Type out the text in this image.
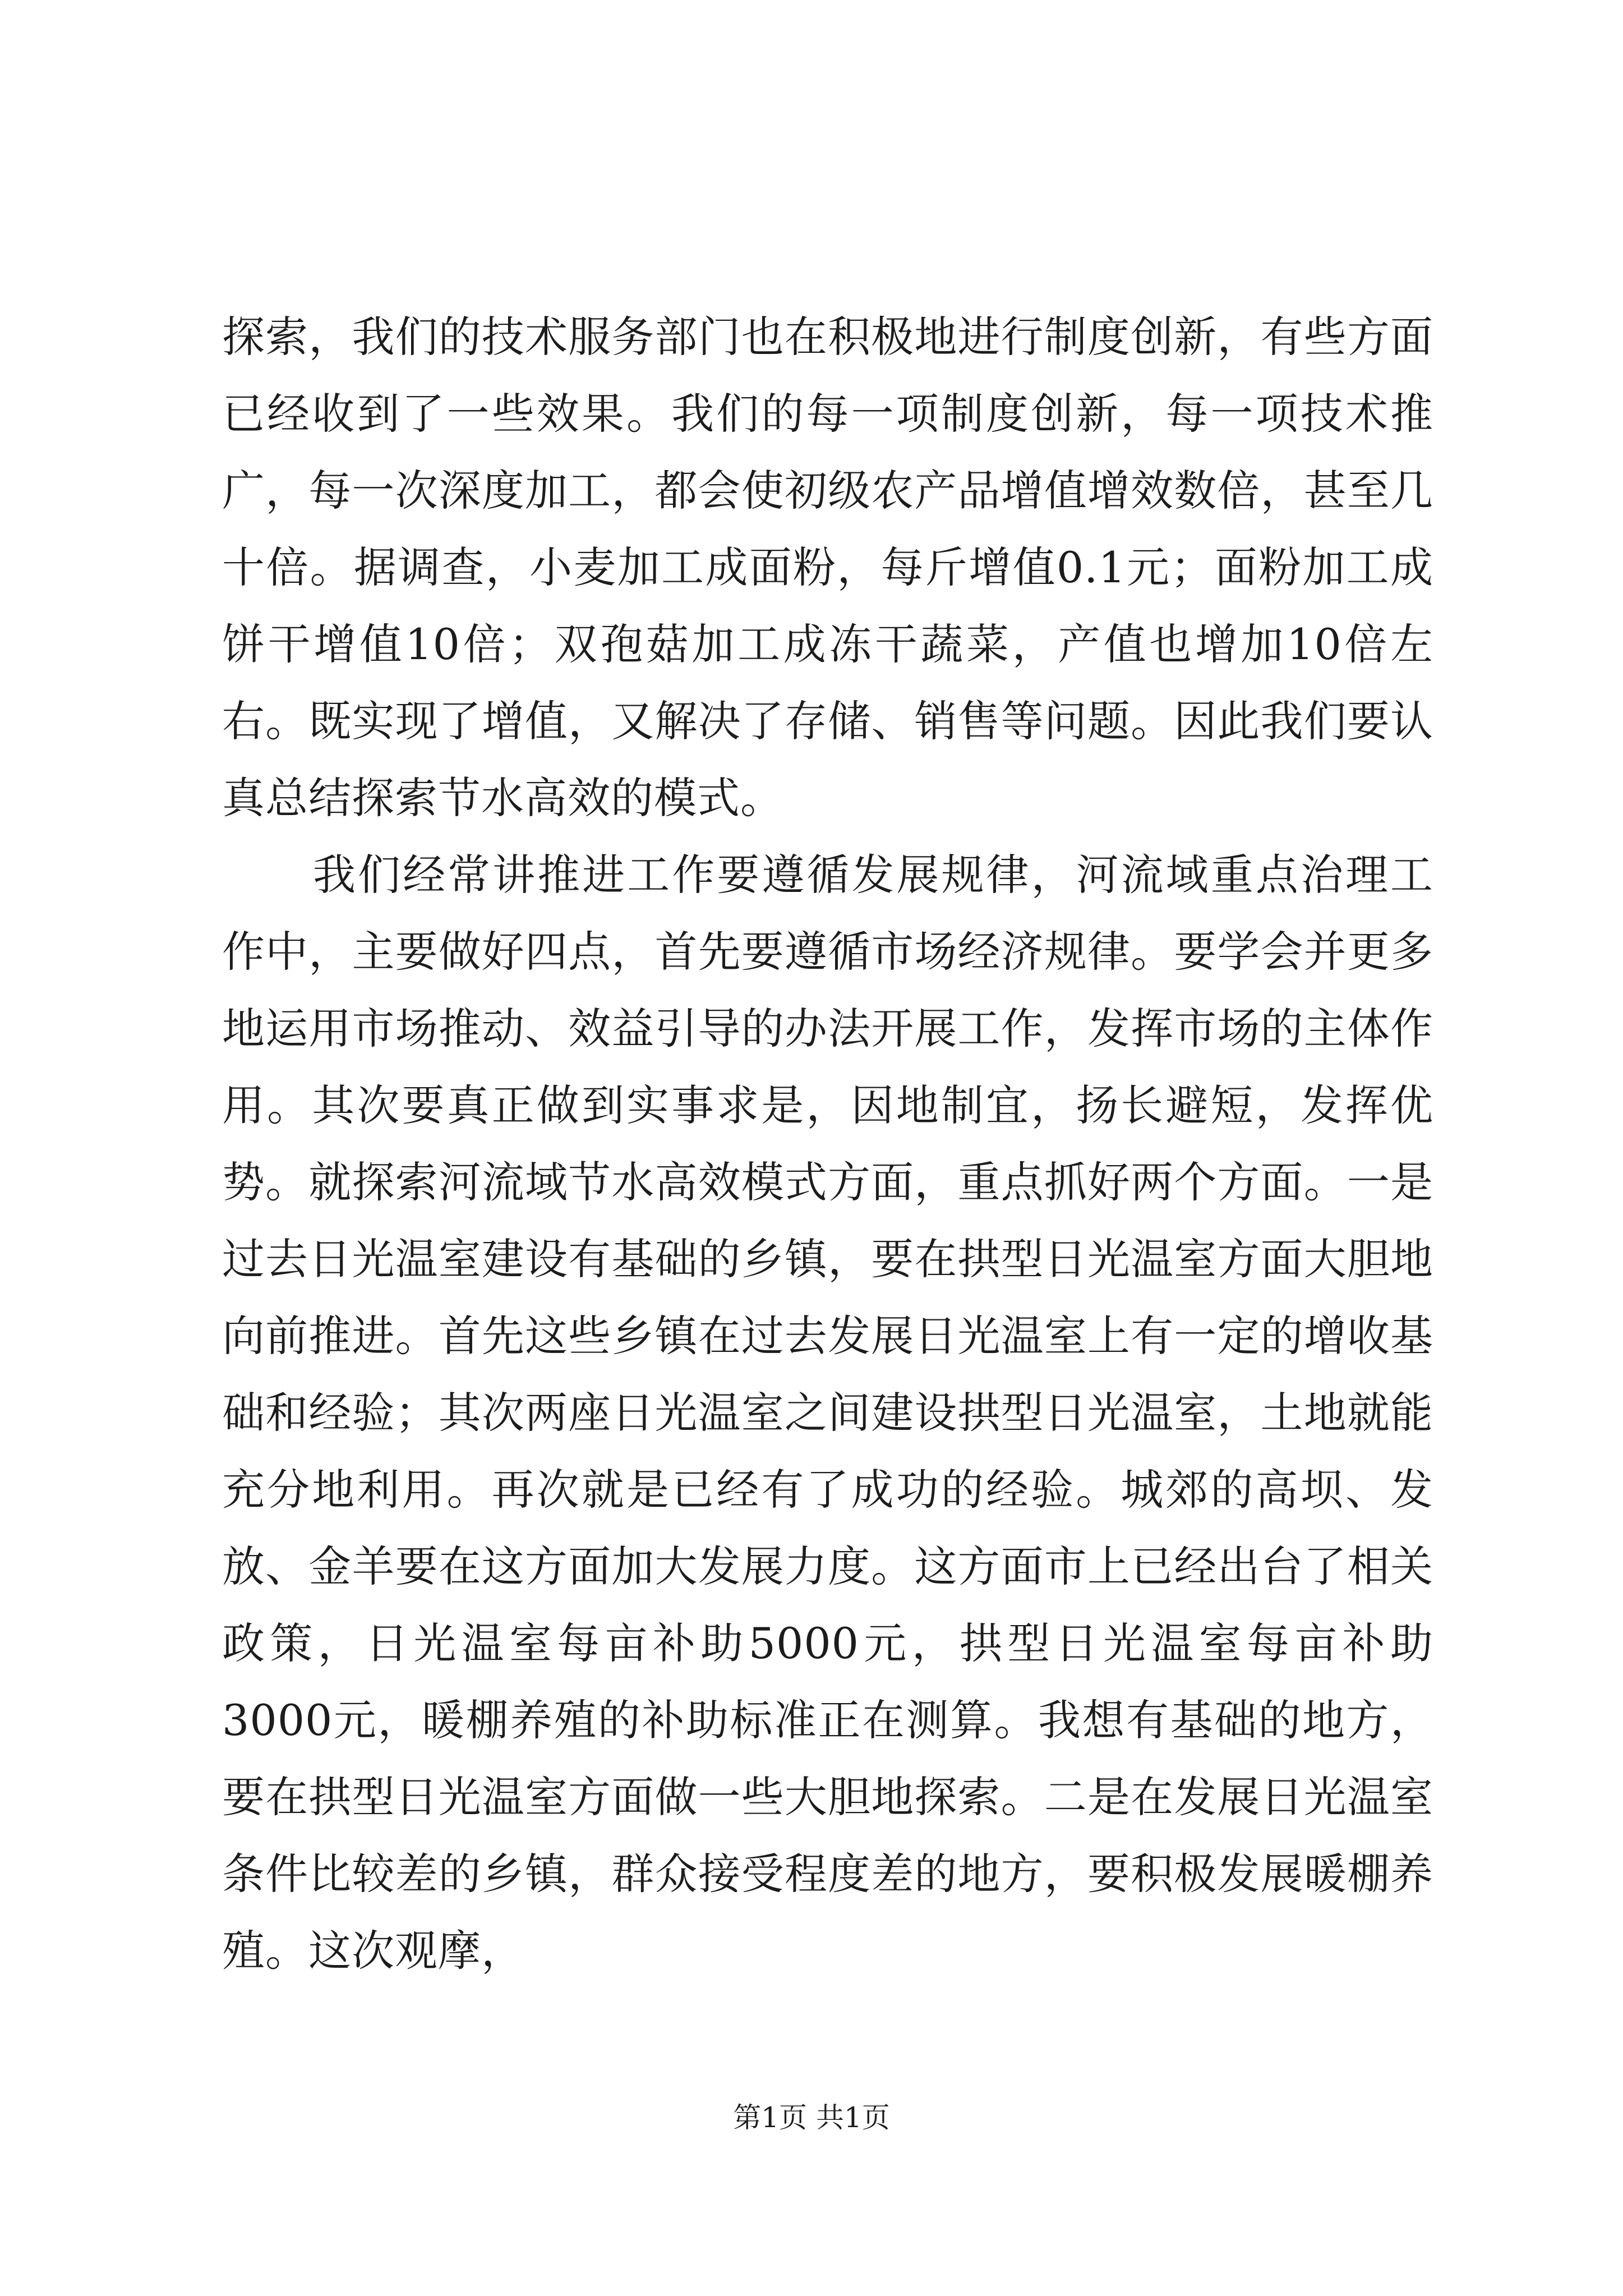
探索，我们的技术服务部门也在积极地进行制度创新，有些方面已经收到了一些效果。我们的每一项制度创新，每一项技术推广，每一次深度加工，都会使初级农产品增值增效数倍，甚至几十倍。据调查，小麦加工成面粉，每斤增值0.1元；面粉加工成饼干增值10倍；双孢菇加工成冻干蔬菜，产值也增加10倍左右。既实现了增值，又解决了存储、销售等问题。因此我们要认真总结探索节水高效的模式。

我们经常讲推进工作要遵循发展规律，河流域重点治理工作中，主要做好四点，首先要遵循市场经济规律。要学会并更多地运用市场推动、效益引导的办法开展工作，发挥市场的主体作用。其次要真正做到实事求是，因地制宜，扬长避短，发挥优势。就探索河流域节水高效模式方面，重点抓好两个方面。一是过去日光温室建设有基础的乡镇，要在拱型日光温室方面大胆地向前推进。首先这些乡镇在过去发展日光温室上有一定的增收基础和经验；其次两座日光温室之间建设拱型日光温室，土地就能充分地利用。再次就是已经有了成功的经验。城郊的高坝、发放、金羊要在这方面加大发展力度。这方面市上已经出台了相关政策，日光温室每亩补助5000元，拱型日光温室每亩补助3000元，暖棚养殖的补助标准正在测算。我想有基础的地方，要在拱型日光温室方面做一些大胆地探索。二是在发展日光温室条件比较差的乡镇，群众接受程度差的地方，要积极发展暖棚养殖。这次观摩，

第1页 共1页
